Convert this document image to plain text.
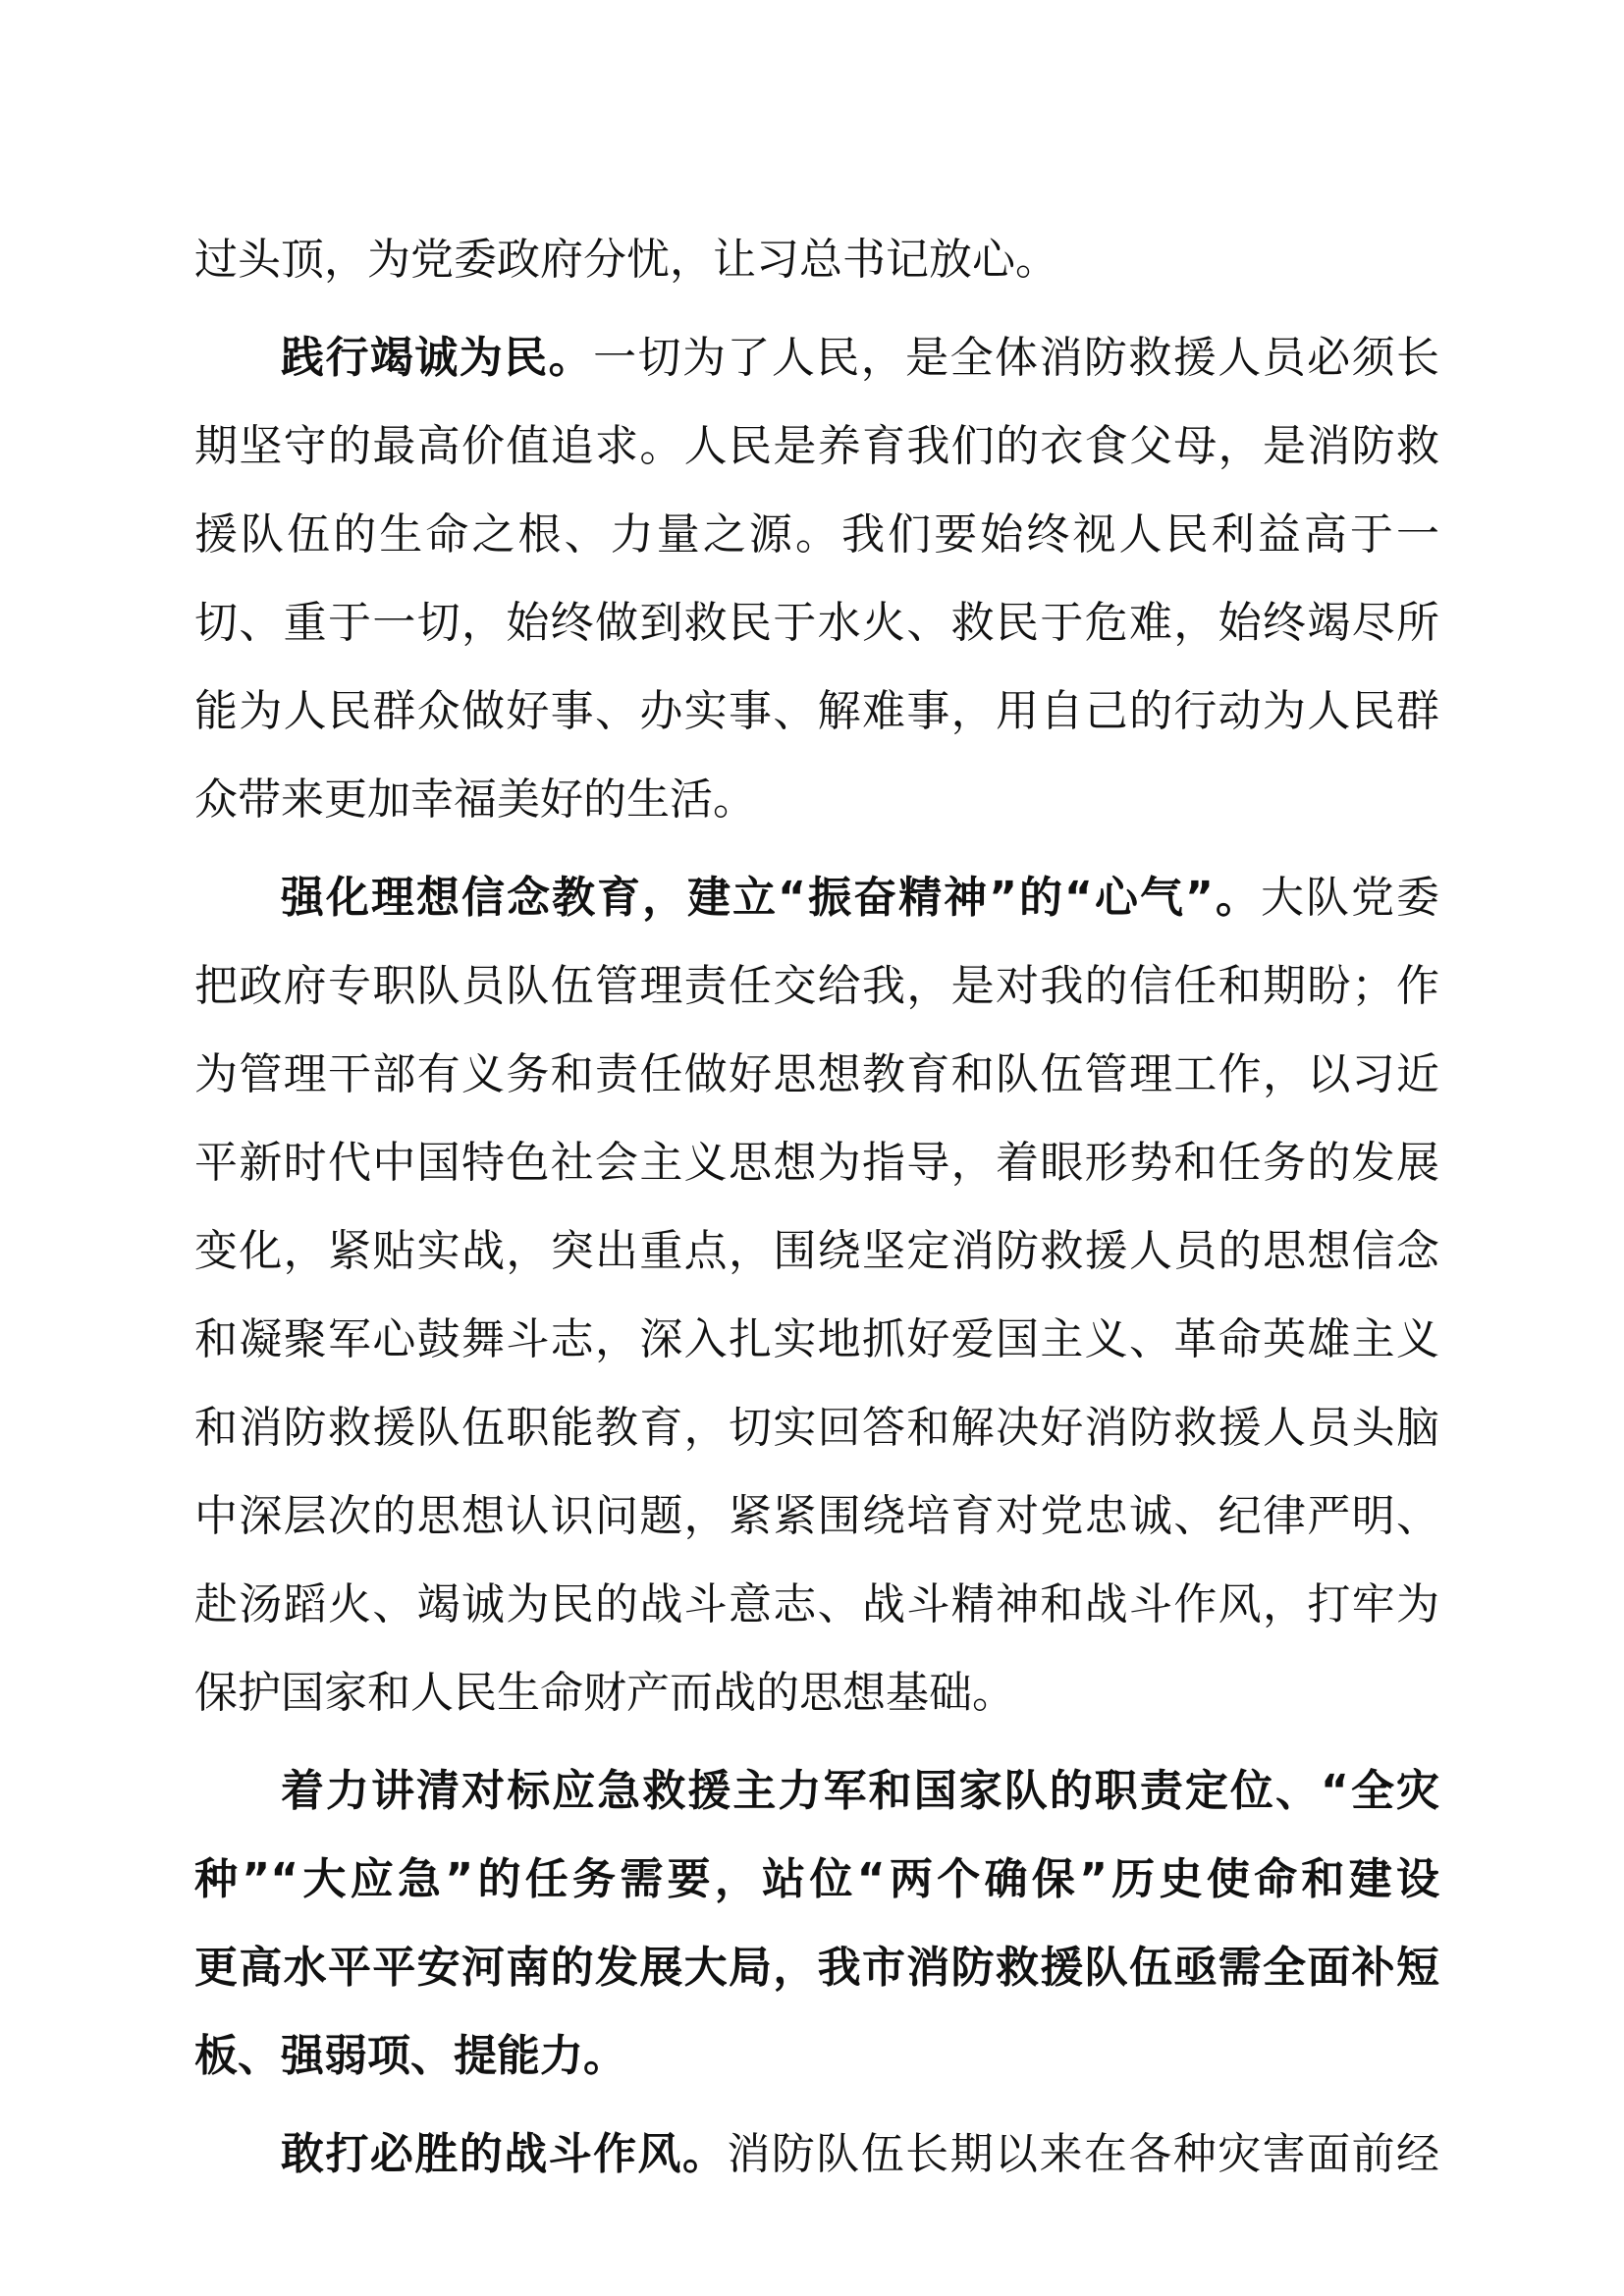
过头顶，为党委政府分忧，让习总书记放心。
践行竭诚为民。一切为了人民，是全体消防救援人员必须长
期坚守的最高价值追求。人民是养育我们的衣食父母，是消防救
援队伍的生命之根、力量之源。我们要始终视人民利益高于一
切、重于一切，始终做到救民于水火、救民于危难，始终竭尽所
能为人民群众做好事、办实事、解难事，用自己的行动为人民群
众带来更加幸福美好的生活。
强化理想信念教育，建立“振奋精神”的“心气”。大队党委
把政府专职队员队伍管理责任交给我，是对我的信任和期盼；作
为管理干部有义务和责任做好思想教育和队伍管理工作，以习近
平新时代中国特色社会主义思想为指导，着眼形势和任务的发展
变化，紧贴实战，突出重点，围绕坚定消防救援人员的思想信念
和凝聚军心鼓舞斗志，深入扎实地抓好爱国主义、革命英雄主义
和消防救援队伍职能教育，切实回答和解决好消防救援人员头脑
中深层次的思想认识问题，紧紧围绕培育对党忠诚、纪律严明、
赴汤蹈火、竭诚为民的战斗意志、战斗精神和战斗作风，打牢为
保护国家和人民生命财产而战的思想基础。
着力讲清对标应急救援主力军和国家队的职责定位、“全灾
种”“大应急”的任务需要，站位“两个确保”历史使命和建设
更高水平平安河南的发展大局，我市消防救援队伍亟需全面补短
板、强弱项、提能力。
敢打必胜的战斗作风。消防队伍长期以来在各种灾害面前经
